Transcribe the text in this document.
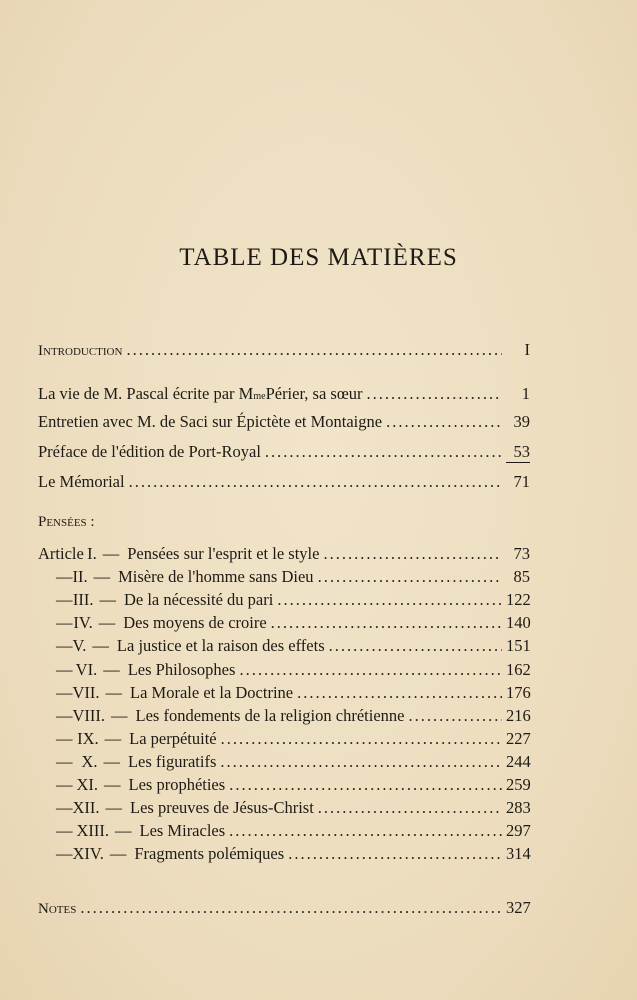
TABLE DES MATIÈRES
Introduction .....	I
La vie de M. Pascal écrite par M me Périer, sa sœur .....	1
Entretien avec M. de Saci sur Épictète et Montaigne .....	39
Préface de l'édition de Port-Royal .....	53
Le Mémorial .....	71
Pensées :
Article I. — Pensées sur l'esprit et le style .....	73
— II. — Misère de l'homme sans Dieu .....	85
— III. — De la nécessité du pari .....	122
— IV. — Des moyens de croire .....	140
— V. — La justice et la raison des effets .....	151
— VI. — Les Philosophes .....	162
— VII. — La Morale et la Doctrine .....	176
— VIII. — Les fondements de la religion chrétienne .....	216
— IX. — La perpétuité .....	227
— X. — Les figuratifs .....	244
— XI. — Les prophéties .....	259
— XII. — Les preuves de Jésus-Christ .....	283
— XIII. — Les Miracles .....	297
— XIV. — Fragments polémiques .....	314
Notes .....	327
